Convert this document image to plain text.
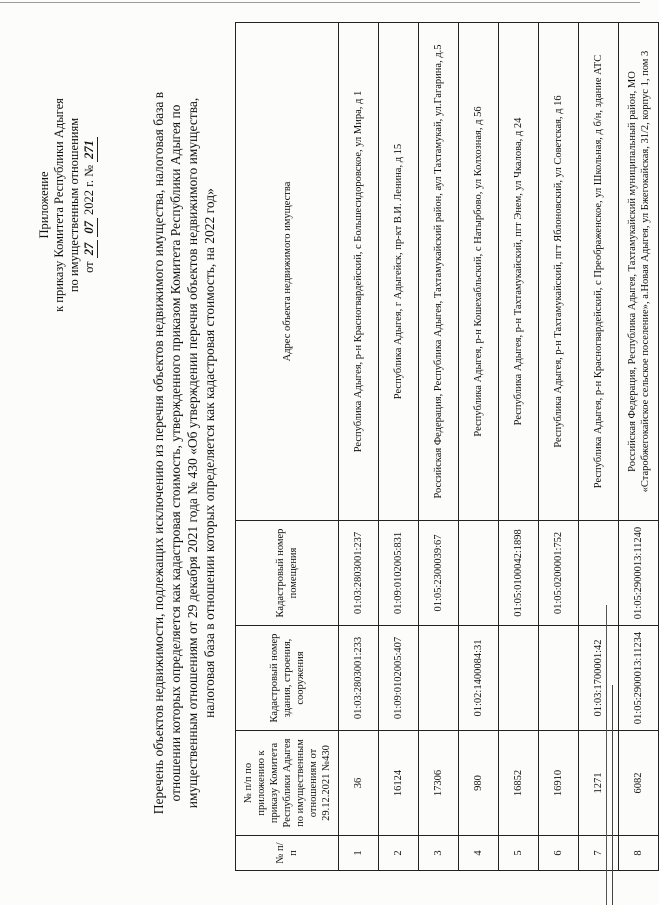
Приложение к приказу Комитета Республики Адыгея по имущественным отношениям от 27 07 2022 г. № 271	Перечень объектов недвижимости, подлежащих исключению из перечня объектов недвижимого имущества, налоговая база в отношении которых определяется как кадастровая стоимость, утвержденного приказом Комитета Республики Адыгея по имущественным отношениям от 29 декабря 2021 года № 430 «Об утверждении перечня объектов недвижимого имущества, налоговая база в отношении которых определяется как кадастровая стоимость, на 2022 год»
№ п/п	№ п/п по приложению к приказу Комитета Республики Адыгея по имущественным отношениям от 29.12.2021 №430	Кадастровый номер здания, строения, сооружения	Кадастровый номер помещения	Адрес объекта недвижимого имущества
1	36	01:03:2803001:233	01:03:2803001:237	Республика Адыгея, р-н Красногвардейский, с Большесидоровское, ул Мира, д 1
2	16124	01:09:0102005:407	01:09:0102005:831	Республика Адыгея, г Адыгейск, пр-кт В.И. Ленина, д 15
3	17306		01:05:2300039:67	Российская Федерация, Республика Адыгея, Тахтамукайский район, аул Тахтамукай, ул.Гагарина, д.5
4	980	01:02:1400084:31		Республика Адыгея, р-н Кошехабльский, с Натырбово, ул Колхозная, д 56
5	16852		01:05:0100042:1898	Республика Адыгея, р-н Тахтамукайский, пгт Энем, ул Чкалова, д 24
6	16910		01:05:0200001:752	Республика Адыгея, р-н Тахтамукайский, пгт Яблоновский, ул Советская, д 16
7	1271	01:03:1700001:42		Республика Адыгея, р-н Красногвардейский, с Преображенское, ул Школьная, д б/н, здание АТС
8	6082	01:05:2900013:11234	01:05:2900013:11240	Российская Федерация, Республика Адыгея, Тахтамукайский муниципальный район, МО «Старобжегокайское сельское поселение», а.Новая Адыгея, ул Бжегокайская, 31/2, корпус 1, пом 3
